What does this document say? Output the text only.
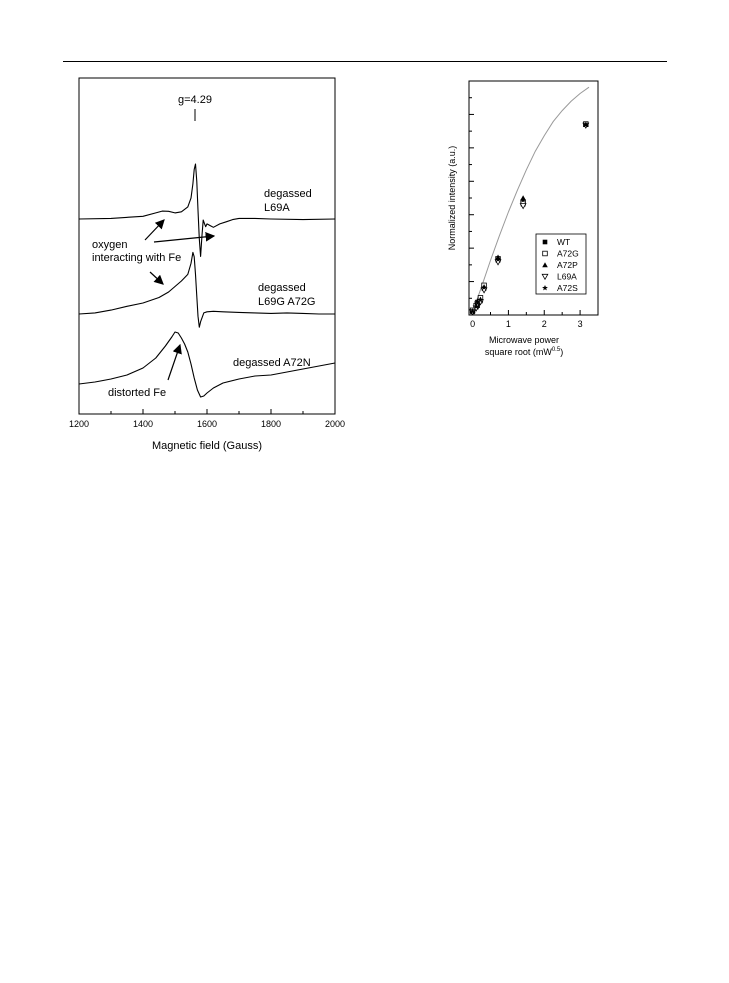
1200	1400	1600	1800	2000
Magnetic field (Gauss)
g=4.29
degassed
L69A
oxygen
interacting with Fe
degassed
L69G A72G
degassed A72N
distorted Fe
0	1	2	3
Normalized intensity (a.u.)
Microwave power
square root $(mW^{0.5})$
WT
A72G
A72P
L69A
A72S
